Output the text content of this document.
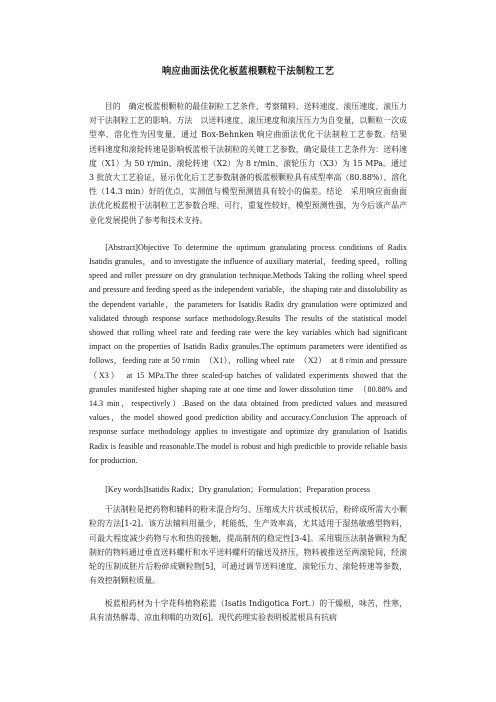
响应曲面法优化板蓝根颗粒干法制粒工艺

目的　确定板蓝根颗粒的最佳制粒工艺条件，考察辅料、送料速度、滚压速度、滚压力对干法制粒工艺的影响。方法　以送料速度、滚压速度和滚压压力为自变量，以颗粒一次成型率、溶化性为因变量，通过 Box-Behnken 响应曲面法优化干法制粒工艺参数。结果　送料速度和滚轮转速是影响板蓝根干法制粒的关键工艺参数，确定最佳工艺条件为：送料速度（X1）为 50 r/min、滚轮转速（X2）为 8 r/min、滚轮压力（X3）为 15 MPa。通过 3 批放大工艺验证，显示优化后工艺参数制备的板蓝根颗粒具有成型率高（80.88%）、溶化性（14.3 min）好的优点，实测值与模型预测值具有较小的偏差。结论　采用响应面曲面法优化板蓝根干法制粒工艺参数合理、可行，重复性较好，模型预测性强，为今后该产品产业化发展提供了参考和技术支持。

[Abstract]Objective To determine the optimum granulating process conditions of Radix Isatidis granules，and to investigate the influence of auxiliary material，feeding speed，rolling speed and roller pressure on dry granulation technique.Methods Taking the rolling wheel speed and pressure and feeding speed as the independent variable，the shaping rate and dissolubility as the dependent variable，the parameters for Isatidis Radix dry granulation were optimized and validated through response surface methodology.Results The results of the statistical model showed that rolling wheel rate and feeding rate were the key variables which had significant impact on the properties of Isatidis Radix granules.The optimum parameters were identified as follows，feeding rate at 50 r/min　（X1），rolling wheel rate　（X2）　at 8 r/min and pressure　（X3）　at 15 MPa.The three scaled-up batches of validated experiments showed that the granules manifested higher shaping rate at one time and lower dissolution time　（80.88% and 14.3 min，respectively）.Based on the data obtained from predicted values and measured values，the model showed good prediction ability and accuracy.Conclusion The approach of response surface methodology applies to investigate and optimize dry granulation of Isatidis Radix is feasible and reasonable.The model is robust and high predictble to provide reliable basis for production.

[Key words]Isatidis Radix；Dry granulation；Formulation；Preparation process

干法制粒是把药物和辅料的粉末混合均匀、压缩成大片状或板状后，粉碎成所需大小颗粒的方法[1-2]。该方法辅料用量少，耗能低，生产效率高，尤其适用于湿热敏感型物料，可最大程度减少药物与水和热的接触，提高制剂的稳定性[3-4]。采用辊压法制备颗粒为配制好的物料通过垂直送料螺杆和水平送料螺杆的输送及挤压，物料被推送至两滚轮间，经滚轮的压制成胚片后粉碎成颗粒物[5]，可通过调节送料速度、滚轮压力、滚轮转速等参数，有效控制颗粒质量。

板蓝根药材为十字花科植物菘蓝（Isatis Indigotica Fort.）的干燥根，味苦，性寒，具有清热解毒、凉血利咽的功效[6]。现代药理实验表明板蓝根具有抗病
